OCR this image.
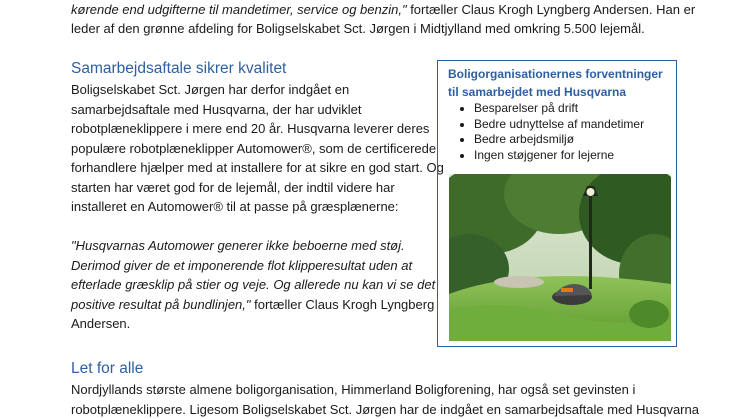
kørende end udgifterne til mandetimer, service og benzin," fortæller Claus Krogh Lyngberg Andersen. Han er
leder af den grønne afdeling for Boligselskabet Sct. Jørgen i Midtjylland med omkring 5.500 lejemål.
Samarbejdsaftale sikrer kvalitet
Boligselskabet Sct. Jørgen har derfor indgået en
samarbejdsaftale med Husqvarna, der har udviklet
robotplæneklippere i mere end 20 år. Husqvarna leverer deres
populære robotplæneklipper Automower®, som de certificerede
forhandlere hjælper med at installere for at sikre en god start. Og
starten har været god for de lejemål, der indtil videre har
installeret en Automower® til at passe på græsplænerne:
"Husqvarnas Automower generer ikke beboerne med støj.
Derimod giver de et imponerende flot klipperesultat uden at
efterlade græsklip på stier og veje. Og allerede nu kan vi se det
positive resultat på bundlinjen," fortæller Claus Krogh Lyngberg
Andersen.
Let for alle
Nordjyllands største almene boligorganisation, Himmerland Boligforening, har også set gevinsten i
robotplæneklippere. Ligesom Boligselskabet Sct. Jørgen har de indgået en samarbejdsaftale med Husqvarna
Boligorganisationernes forventninger
til samarbejdet med Husqvarna
• Besparelser på drift
• Bedre udnyttelse af mandetimer
• Bedre arbejdsmiljø
• Ingen støjgener for lejerne
